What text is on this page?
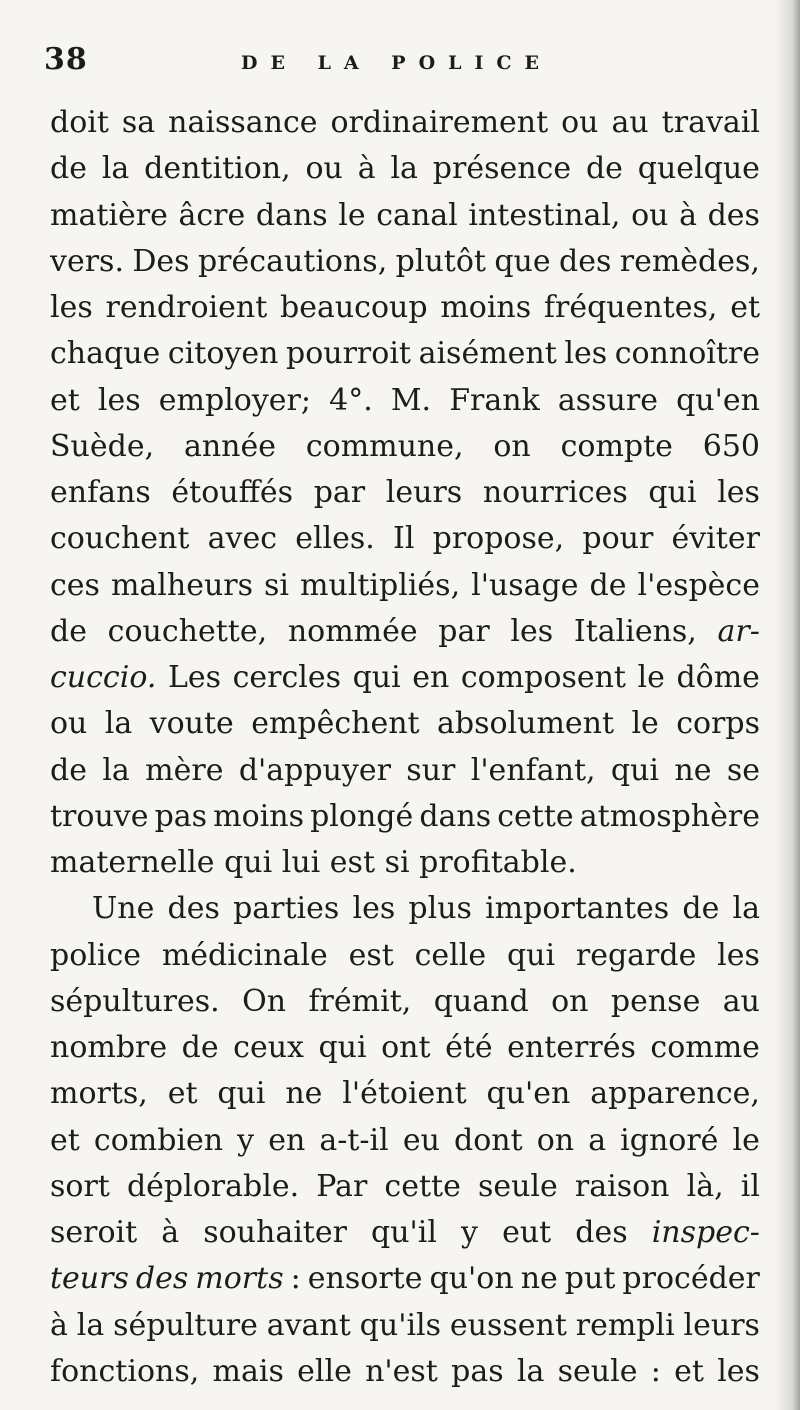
38	DE LA POLICE
doit sa naissance ordinairement ou au travail
de la dentition, ou à la présence de quelque
matière âcre dans le canal intestinal, ou à des
vers. Des précautions, plutôt que des remèdes,
les rendroient beaucoup moins fréquentes, et
chaque citoyen pourroit aisément les connoître
et les employer; 4°. M. Frank assure qu'en
Suède, année commune, on compte 650
enfans étouffés par leurs nourrices qui les
couchent avec elles. Il propose, pour éviter
ces malheurs si multipliés, l'usage de l'espèce
de couchette, nommée par les Italiens, ar-
cuccio. Les cercles qui en composent le dôme
ou la voute empêchent absolument le corps
de la mère d'appuyer sur l'enfant, qui ne se
trouve pas moins plongé dans cette atmosphère
maternelle
qui
lui
est
si
profitable.
Une des parties les plus importantes de la
police médicinale est celle qui regarde les
sépultures. On frémit, quand on pense au
nombre de ceux qui ont été enterrés comme
morts, et qui ne l'étoient qu'en apparence,
et combien y en a-t-il eu dont on a ignoré le
sort déplorable. Par cette seule raison là, il
seroit à souhaiter qu'il y eut des inspec-
teurs des morts : ensorte qu'on ne put procéder
à la sépulture avant qu'ils eussent rempli leurs
fonctions, mais elle n'est pas la seule : et les
